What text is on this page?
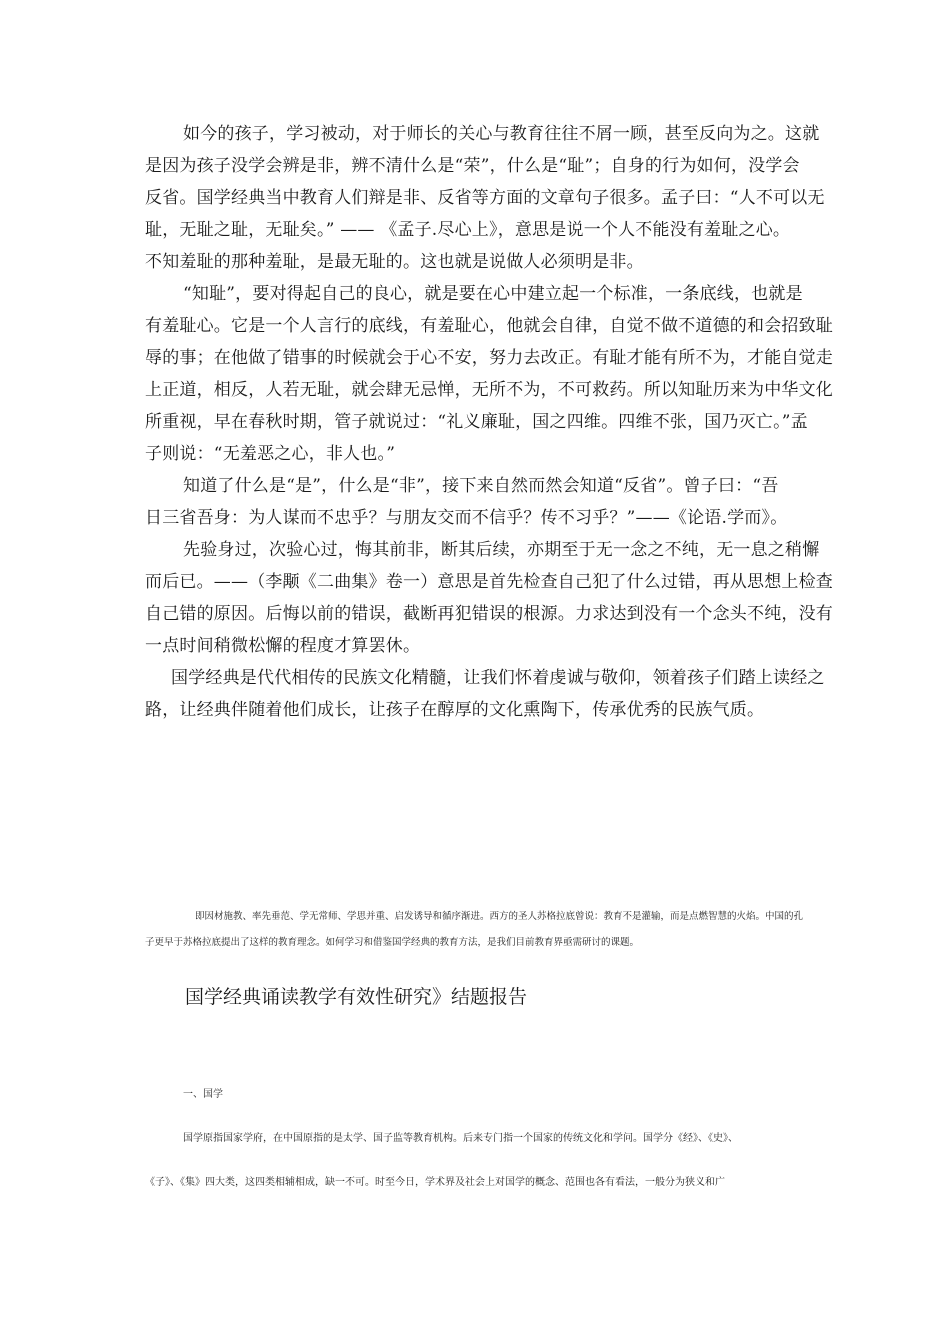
如今的孩子，学习被动，对于师长的关心与教育往往不屑一顾，甚至反向为之。这就
是因为孩子没学会辨是非，辨不清什么是“荣”，什么是“耻”；自身的行为如何，没学会
反省。国学经典当中教育人们辩是非、反省等方面的文章句子很多。孟子曰：“人不可以无
耻，无耻之耻，无耻矣。” —— 《孟子.尽心上》，意思是说一个人不能没有羞耻之心。
不知羞耻的那种羞耻，是最无耻的。这也就是说做人必须明是非。
“知耻”，要对得起自己的良心，就是要在心中建立起一个标准，一条底线，也就是
有羞耻心。它是一个人言行的底线，有羞耻心，他就会自律，自觉不做不道德的和会招致耻
辱的事；在他做了错事的时候就会于心不安，努力去改正。有耻才能有所不为，才能自觉走
上正道，相反，人若无耻，就会肆无忌惮，无所不为，不可救药。所以知耻历来为中华文化
所重视，早在春秋时期，管子就说过：“礼义廉耻，国之四维。四维不张，国乃灭亡。”孟
子则说：“无羞恶之心，非人也。”
知道了什么是“是”，什么是“非”，接下来自然而然会知道“反省”。曾子曰：“吾
日三省吾身：为人谋而不忠乎？与朋友交而不信乎？传不习乎？”——《论语.学而》。
先验身过，次验心过，悔其前非，断其后续，亦期至于无一念之不纯，无一息之稍懈
而后已。——（李颙《二曲集》卷一）意思是首先检查自己犯了什么过错，再从思想上检查
自己错的原因。后悔以前的错误，截断再犯错误的根源。力求达到没有一个念头不纯，没有
一点时间稍微松懈的程度才算罢休。
国学经典是代代相传的民族文化精髓，让我们怀着虔诚与敬仰，领着孩子们踏上读经之
路，让经典伴随着他们成长，让孩子在醇厚的文化熏陶下，传承优秀的民族气质。
即因材施教、率先垂范、学无常师、学思并重、启发诱导和循序渐进。西方的圣人苏格拉底曾说：教育不是灌输，而是点燃智慧的火焰。中国的孔
子更早于苏格拉底提出了这样的教育理念。如何学习和借鉴国学经典的教育方法，是我们目前教育界亟需研讨的课题。
国学经典诵读教学有效性研究》结题报告
一、国学
国学原指国家学府，在中国原指的是太学、国子监等教育机构。后来专门指一个国家的传统文化和学问。国学分《经》、《史》、
《子》、《集》四大类，这四类相辅相成，缺一不可。时至今日，学术界及社会上对国学的概念、范围也各有看法，一般分为狭义和广
